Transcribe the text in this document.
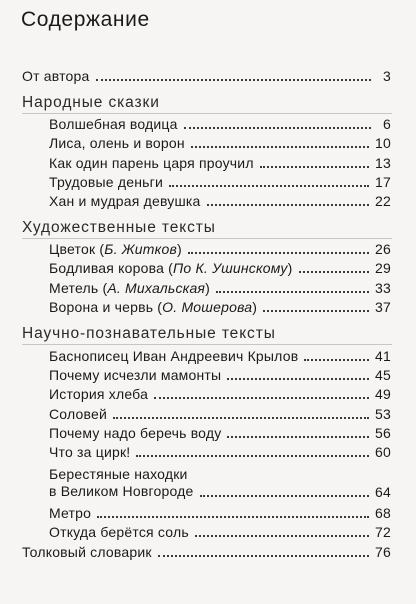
Содержание
От автора	3
Народные сказки
Волшебная водица	6
Лиса, олень и ворон	10
Как один парень царя проучил	13
Трудовые деньги	17
Хан и мудрая девушка	22
Художественные тексты
Цветок (Б. Житков)	26
Бодливая корова (По К. Ушинскому)	29
Метель (А. Михальская)	33
Ворона и червь (О. Мошерова)	37
Научно-познавательные тексты
Баснописец Иван Андреевич Крылов	41
Почему исчезли мамонты	45
История хлеба	49
Соловей	53
Почему надо беречь воду	56
Что за цирк!	60
Берестяные находки
в Великом Новгороде	64
Метро	68
Откуда берётся соль	72
Толковый словарик	76
